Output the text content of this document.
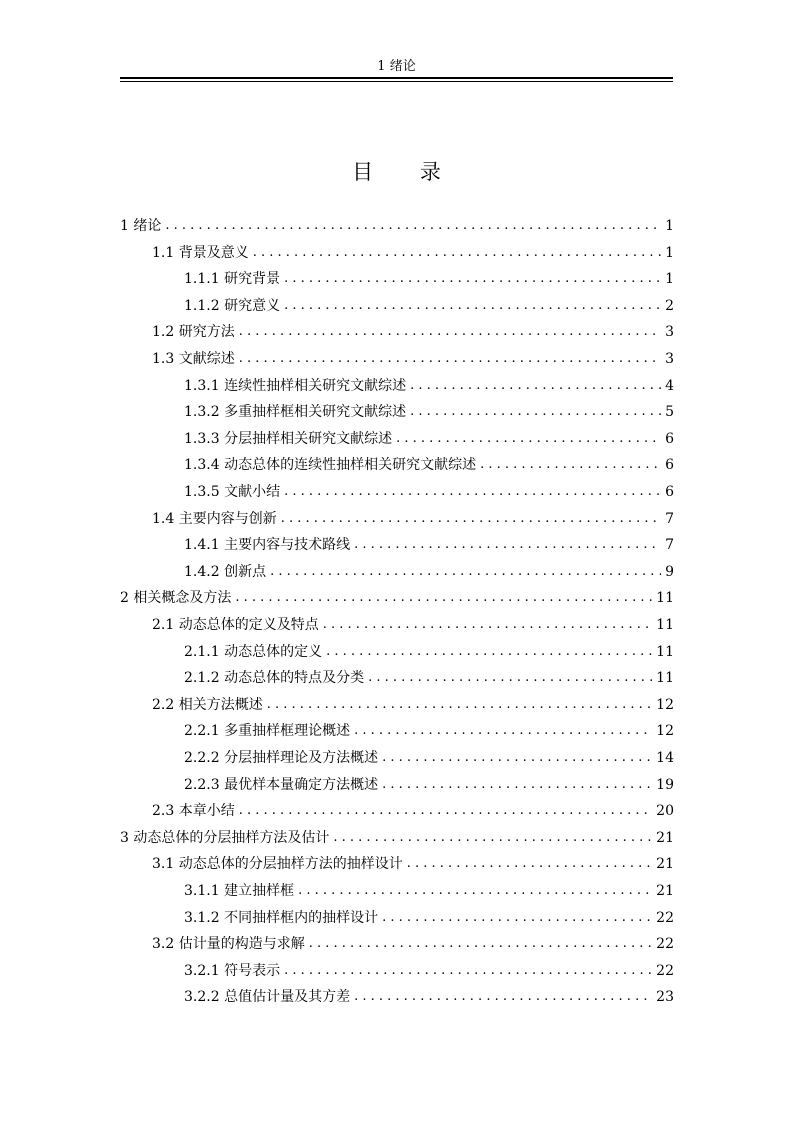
1 绪论
目 录
1 绪论 . . .	1
1.1 背景及意义 . . .	1
1.1.1 研究背景 . . .	1
1.1.2 研究意义 . . .	2
1.2 研究方法 . . .	3
1.3 文献综述 . . .	3
1.3.1 连续性抽样相关研究文献综述 . . .	4
1.3.2 多重抽样框相关研究文献综述 . . .	5
1.3.3 分层抽样相关研究文献综述 . . .	6
1.3.4 动态总体的连续性抽样相关研究文献综述 . . .	6
1.3.5 文献小结 . . .	6
1.4 主要内容与创新 . . .	7
1.4.1 主要内容与技术路线 . . .	7
1.4.2 创新点 . . .	9
2 相关概念及方法 . . .	11
2.1 动态总体的定义及特点 . . .	11
2.1.1 动态总体的定义 . . .	11
2.1.2 动态总体的特点及分类 . . .	11
2.2 相关方法概述 . . .	12
2.2.1 多重抽样框理论概述 . . .	12
2.2.2 分层抽样理论及方法概述 . . .	14
2.2.3 最优样本量确定方法概述 . . .	19
2.3 本章小结 . . .	20
3 动态总体的分层抽样方法及估计 . . .	21
3.1 动态总体的分层抽样方法的抽样设计 . . .	21
3.1.1 建立抽样框 . . .	21
3.1.2 不同抽样框内的抽样设计 . . .	22
3.2 估计量的构造与求解 . . .	22
3.2.1 符号表示 . . .	22
3.2.2 总值估计量及其方差 . . .	23
